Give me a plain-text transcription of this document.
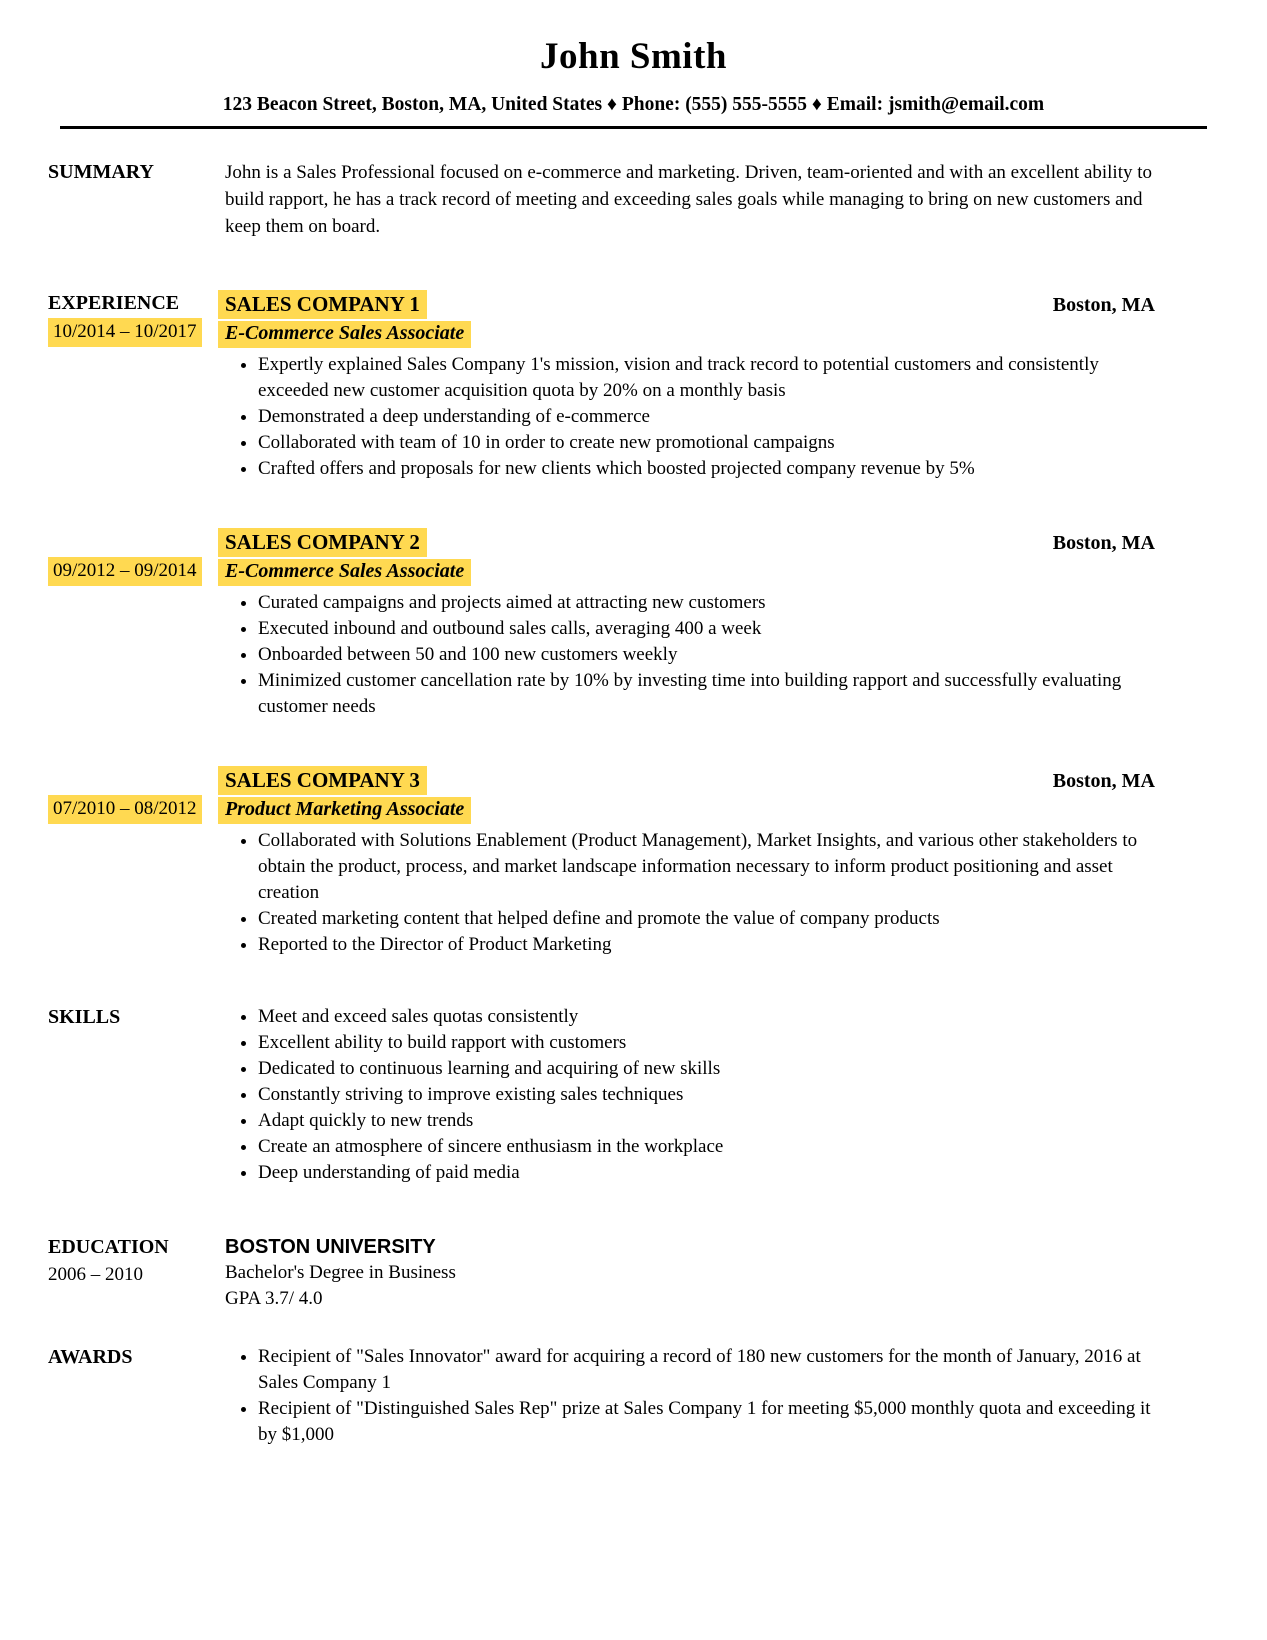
John Smith

123 Beacon Street, Boston, MA, United States ♦ Phone: (555) 555-5555 ♦ Email: jsmith@email.com

SUMMARY	John is a Sales Professional focused on e-commerce and marketing. Driven, team-oriented and with an excellent ability to build rapport, he has a track record of meeting and exceeding sales goals while managing to bring on new customers and keep them on board.

EXPERIENCE
10/2014 – 10/2017
SALES COMPANY 1	Boston, MA
E-Commerce Sales Associate
• Expertly explained Sales Company 1's mission, vision and track record to potential customers and consistently exceeded new customer acquisition quota by 20% on a monthly basis
• Demonstrated a deep understanding of e-commerce
• Collaborated with team of 10 in order to create new promotional campaigns
• Crafted offers and proposals for new clients which boosted projected company revenue by 5%
09/2012 – 09/2014
SALES COMPANY 2	Boston, MA
E-Commerce Sales Associate
• Curated campaigns and projects aimed at attracting new customers
• Executed inbound and outbound sales calls, averaging 400 a week
• Onboarded between 50 and 100 new customers weekly
• Minimized customer cancellation rate by 10% by investing time into building rapport and successfully evaluating customer needs
07/2010 – 08/2012
SALES COMPANY 3	Boston, MA
Product Marketing Associate
• Collaborated with Solutions Enablement (Product Management), Market Insights, and various other stakeholders to obtain the product, process, and market landscape information necessary to inform product positioning and asset creation
• Created marketing content that helped define and promote the value of company products
• Reported to the Director of Product Marketing
SKILLS	• Meet and exceed sales quotas consistently
• Excellent ability to build rapport with customers
• Dedicated to continuous learning and acquiring of new skills
• Constantly striving to improve existing sales techniques
• Adapt quickly to new trends
• Create an atmosphere of sincere enthusiasm in the workplace
• Deep understanding of paid media
EDUCATION
2006 – 2010
BOSTON UNIVERSITY
Bachelor's Degree in Business
GPA 3.7/ 4.0
AWARDS	• Recipient of "Sales Innovator" award for acquiring a record of 180 new customers for the month of January, 2016 at Sales Company 1
• Recipient of "Distinguished Sales Rep" prize at Sales Company 1 for meeting $5,000 monthly quota and exceeding it by $1,000
